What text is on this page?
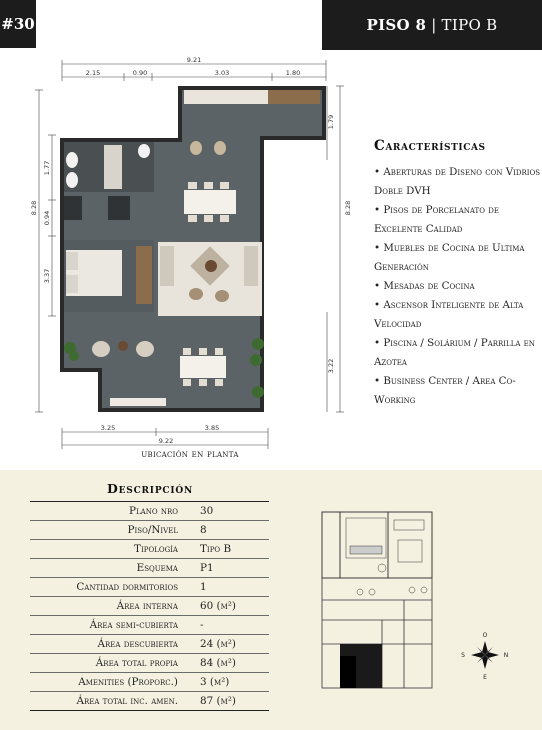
#30	PISO 8 | TIPO B
9.21
2.15	0.90	3.03	1.80
1.77
0.94
8.28
3.37
1.79
8.28
3.22
3.25	3.85
9.22
Características
• Aberturas de Diseno con Vidrios Doble DVH
• Pisos de Porcelanato de Excelente Calidad
• Muebles de Cocina de Ultima Generación
• Mesadas de Cocina
• Ascensor Inteligente de Alta Velocidad
• Piscina / Solárium / Parrilla en Azotea
• Business Center / Area Co-Working
ubicación en planta
Descripción
Plano nro	30
Piso/Nivel	8
Tipología	Tipo B
Esquema	P1
Cantidad dormitorios	1
Área interna	60 (m²)
Área semi-cubierta	-
Área descubierta	24 (m²)
Área total propia	84 (m²)
Amenities (Proporc.)	3 (m²)
Área total inc. amen.	87 (m²)
O
E
S	N
